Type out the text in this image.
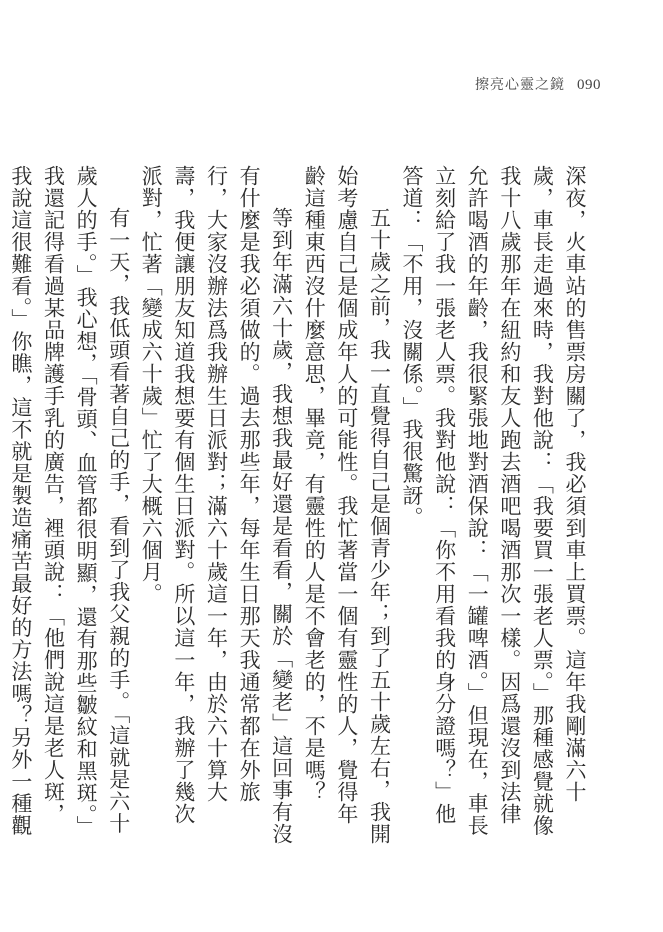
擦亮心靈之鏡 090

深夜，火車站的售票房關了，我必須到車上買票。這年我剛滿六十歲，車長走過來時，我對他說：「我要買一張老人票。」那種感覺就像我十八歲那年在紐約和友人跑去酒吧喝酒那次一樣。因爲還沒到法律允許喝酒的年齡，我很緊張地對酒保說：「一罐啤酒。」但現在，車長立刻給了我一張老人票。我對他說：「你不用看我的身分證嗎？」他答道：「不用，沒關係。」我很驚訝。

五十歲之前，我一直覺得自己是個青少年；到了五十歲左右，我開始考慮自己是個成年人的可能性。我忙著當一個有靈性的人，覺得年齡這種東西沒什麼意思，畢竟，有靈性的人是不會老的，不是嗎？

等到年滿六十歲，我想我最好還是看看，關於「變老」這回事有沒有什麼是我必須做的。過去那些年，每年生日那天我通常都在外旅行，大家沒辦法爲我辦生日派對；滿六十歲這一年，由於六十算大壽，我便讓朋友知道我想要有個生日派對。所以這一年，我辦了幾次派對，忙著「變成六十歲」忙了大概六個月。

有一天，我低頭看著自己的手，看到了我父親的手。「這就是六十歲人的手。」我心想，「骨頭、血管都很明顯，還有那些皺紋和黑斑。」我還記得看過某品牌護手乳的廣告，裡頭說：「他們說這是老人斑，我說這很難看。」你瞧，這不就是製造痛苦最好的方法嗎？另外一種觀
